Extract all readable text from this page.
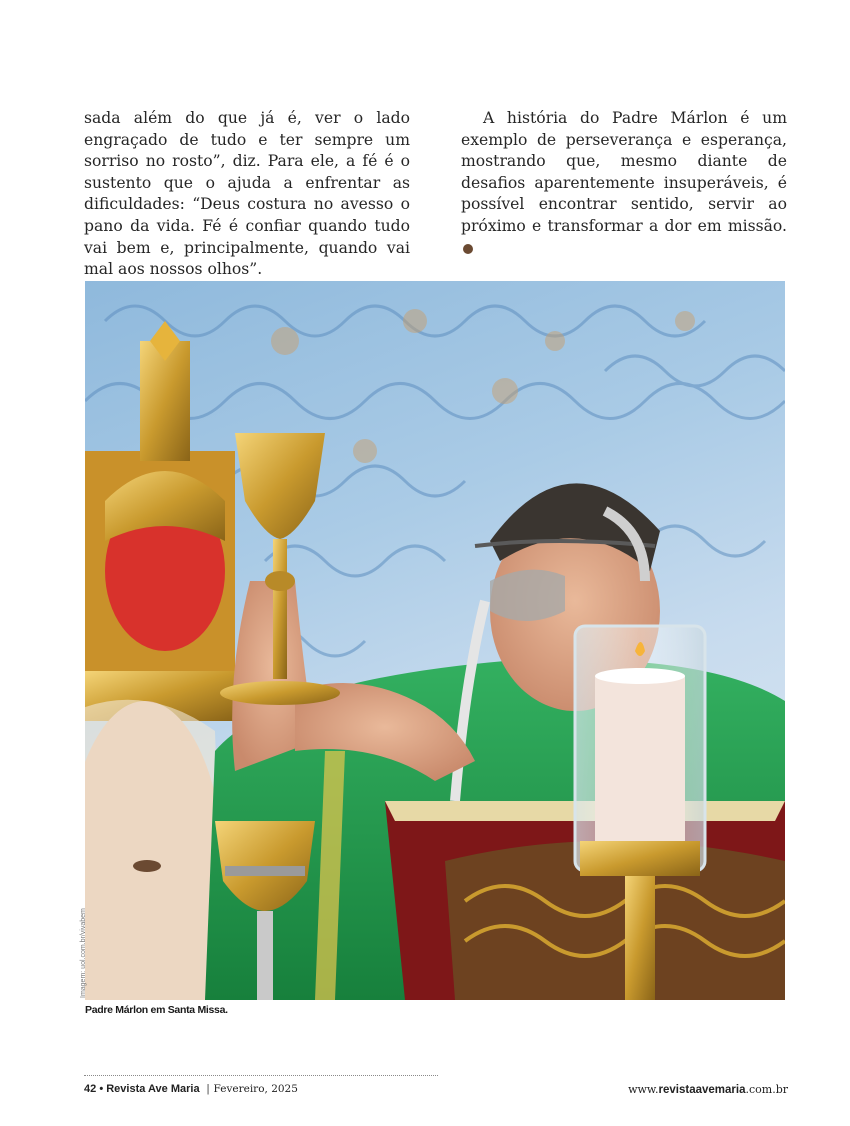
sada além do que já é, ver o lado engraçado de tudo e ter sempre um sorriso no rosto”, diz. Para ele, a fé é o sustento que o ajuda a enfrentar as dificuldades: “Deus costura no avesso o pano da vida. Fé é confiar quando tudo vai bem e, principalmente, quando vai mal aos nossos olhos”.
A história do Padre Márlon é um exemplo de perseverança e esperança, mostrando que, mesmo diante de desafios aparentemente insuperáveis, é possível encontrar sentido, servir ao próximo e transformar a dor em missão.
Imagem: uol.com.br/vivabem
Padre Márlon em Santa Missa.
42 • Revista Ave Maria | Fevereiro, 2025	www.revistaavemaria.com.br
